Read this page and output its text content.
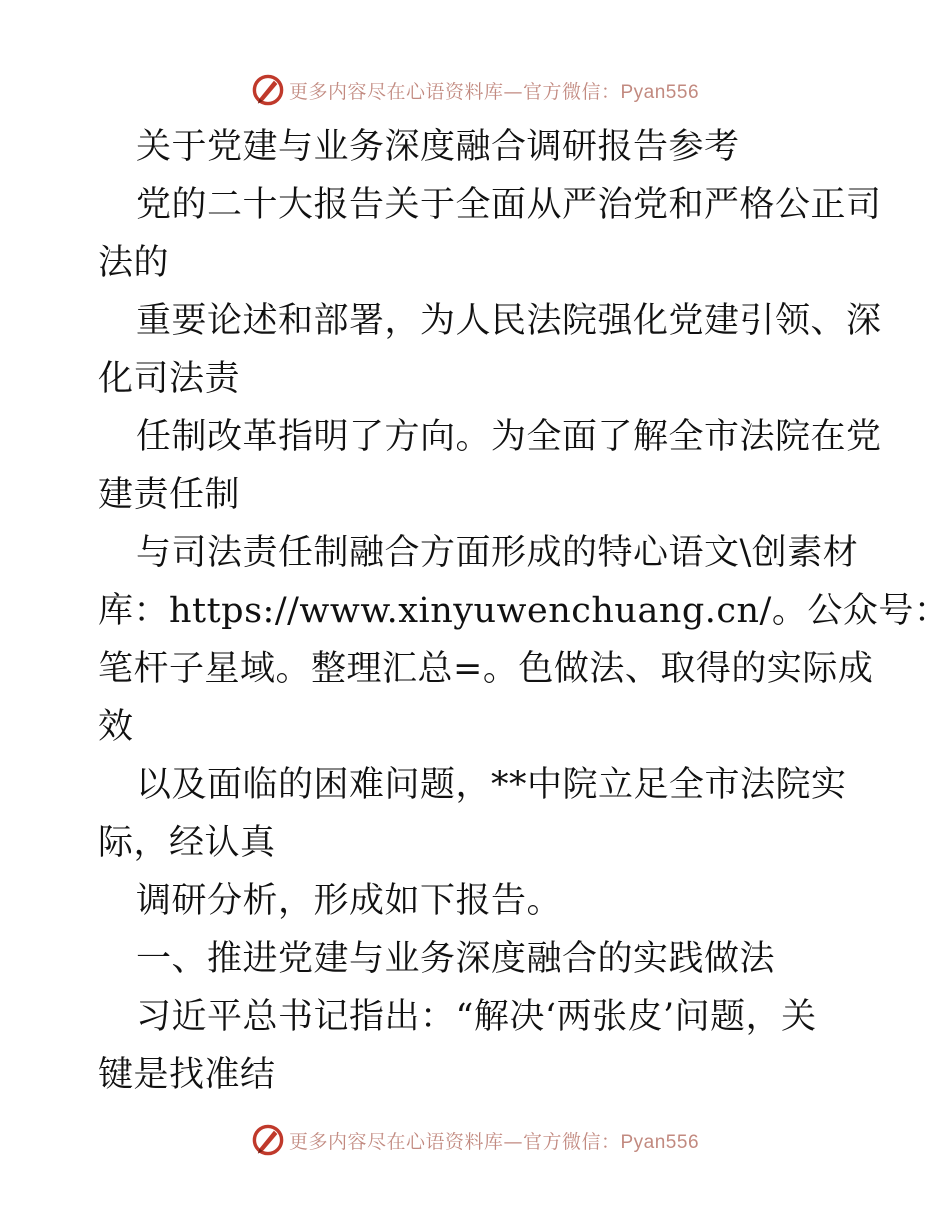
更多内容尽在心语资料库—官方微信：Pyan556
关于党建与业务深度融合调研报告参考
党的二十大报告关于全面从严治党和严格公正司
法的
重要论述和部署，为人民法院强化党建引领、深
化司法责
任制改革指明了方向。为全面了解全市法院在党
建责任制
与司法责任制融合方面形成的特心语文\创素材
库：https://www.xinyuwenchuang.cn/。公众号：
笔杆子星域。整理汇总=。色做法、取得的实际成
效
以及面临的困难问题，**中院立足全市法院实
际，经认真
调研分析，形成如下报告。
一、推进党建与业务深度融合的实践做法
习近平总书记指出：“解决‘两张皮’问题，关
键是找准结
更多内容尽在心语资料库—官方微信：Pyan556
